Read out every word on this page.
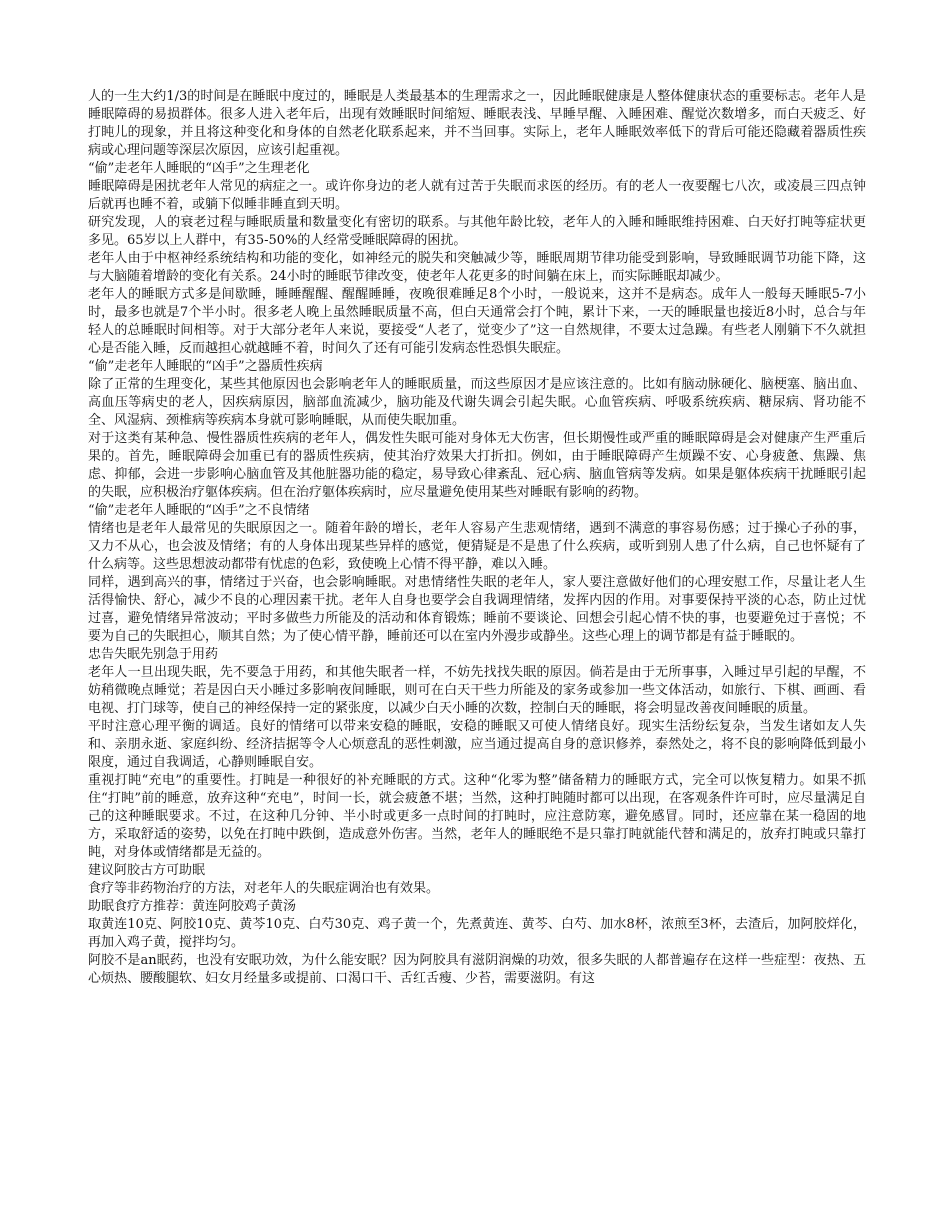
人的一生大约1/3的时间是在睡眠中度过的，睡眠是人类最基本的生理需求之一，因此睡眠健康是人整体健康状态的重要标志。老年人是睡眠障碍的易损群体。很多人进入老年后，出现有效睡眠时间缩短、睡眠表浅、早睡早醒、入睡困难、醒觉次数增多，而白天疲乏、好打盹儿的现象，并且将这种变化和身体的自然老化联系起来，并不当回事。实际上，老年人睡眠效率低下的背后可能还隐藏着器质性疾病或心理问题等深层次原因，应该引起重视。

“偷”走老年人睡眠的“凶手”之生理老化

睡眠障碍是困扰老年人常见的病症之一。或许你身边的老人就有过苦于失眠而求医的经历。有的老人一夜要醒七八次，或凌晨三四点钟后就再也睡不着，或躺下似睡非睡直到天明。

研究发现，人的衰老过程与睡眠质量和数量变化有密切的联系。与其他年龄比较，老年人的入睡和睡眠维持困难、白天好打盹等症状更多见。65岁以上人群中，有35-50%的人经常受睡眠障碍的困扰。

老年人由于中枢神经系统结构和功能的变化，如神经元的脱失和突触减少等，睡眠周期节律功能受到影响，导致睡眠调节功能下降，这与大脑随着增龄的变化有关系。24小时的睡眠节律改变，使老年人花更多的时间躺在床上，而实际睡眠却减少。

老年人的睡眠方式多是间歇睡，睡睡醒醒、醒醒睡睡，夜晚很难睡足8个小时，一般说来，这并不是病态。成年人一般每天睡眠5-7小时，最多也就是7个半小时。很多老人晚上虽然睡眠质量不高，但白天通常会打个盹，累计下来，一天的睡眠量也接近8小时，总合与年轻人的总睡眠时间相等。对于大部分老年人来说，要接受“人老了，觉变少了”这一自然规律，不要太过急躁。有些老人刚躺下不久就担心是否能入睡，反而越担心就越睡不着，时间久了还有可能引发病态性恐惧失眠症。

“偷”走老年人睡眠的“凶手”之器质性疾病

除了正常的生理变化，某些其他原因也会影响老年人的睡眠质量，而这些原因才是应该注意的。比如有脑动脉硬化、脑梗塞、脑出血、高血压等病史的老人，因疾病原因，脑部血流减少，脑功能及代谢失调会引起失眠。心血管疾病、呼吸系统疾病、糖尿病、肾功能不全、风湿病、颈椎病等疾病本身就可影响睡眠，从而使失眠加重。

对于这类有某种急、慢性器质性疾病的老年人，偶发性失眠可能对身体无大伤害，但长期慢性或严重的睡眠障碍是会对健康产生严重后果的。首先，睡眠障碍会加重已有的器质性疾病，使其治疗效果大打折扣。例如，由于睡眠障碍产生烦躁不安、心身疲惫、焦躁、焦虑、抑郁，会进一步影响心脑血管及其他脏器功能的稳定，易导致心律紊乱、冠心病、脑血管病等发病。如果是躯体疾病干扰睡眠引起的失眠，应积极治疗躯体疾病。但在治疗躯体疾病时，应尽量避免使用某些对睡眠有影响的药物。

“偷”走老年人睡眠的“凶手”之不良情绪

情绪也是老年人最常见的失眠原因之一。随着年龄的增长，老年人容易产生悲观情绪，遇到不满意的事容易伤感；过于操心子孙的事，又力不从心，也会波及情绪；有的人身体出现某些异样的感觉，便猜疑是不是患了什么疾病，或听到别人患了什么病，自己也怀疑有了什么病等。这些思想波动都带有忧虑的色彩，致使晚上心情不得平静，难以入睡。

同样，遇到高兴的事，情绪过于兴奋，也会影响睡眠。对患情绪性失眠的老年人，家人要注意做好他们的心理安慰工作，尽量让老人生活得愉快、舒心，减少不良的心理因素干扰。老年人自身也要学会自我调理情绪，发挥内因的作用。对事要保持平淡的心态，防止过忧过喜，避免情绪异常波动；平时多做些力所能及的活动和体育锻炼；睡前不要谈论、回想会引起心情不快的事，也要避免过于喜悦；不要为自己的失眠担心，顺其自然；为了使心情平静，睡前还可以在室内外漫步或静坐。这些心理上的调节都是有益于睡眠的。

忠告失眠先别急于用药

老年人一旦出现失眠，先不要急于用药，和其他失眠者一样，不妨先找找失眠的原因。倘若是由于无所事事，入睡过早引起的早醒，不妨稍微晚点睡觉；若是因白天小睡过多影响夜间睡眠，则可在白天干些力所能及的家务或参加一些文体活动，如旅行、下棋、画画、看电视、打门球等，使自己的神经保持一定的紧张度，以减少白天小睡的次数，控制白天的睡眠，将会明显改善夜间睡眠的质量。

平时注意心理平衡的调适。良好的情绪可以带来安稳的睡眠，安稳的睡眠又可使人情绪良好。现实生活纷纭复杂，当发生诸如友人失和、亲朋永逝、家庭纠纷、经济拮据等令人心烦意乱的恶性刺激，应当通过提高自身的意识修养，泰然处之，将不良的影响降低到最小限度，通过自我调适，心静则睡眠自安。

重视打盹“充电”的重要性。打盹是一种很好的补充睡眠的方式。这种“化零为整”储备精力的睡眠方式，完全可以恢复精力。如果不抓住“打盹”前的睡意，放弃这种“充电”，时间一长，就会疲惫不堪；当然，这种打盹随时都可以出现，在客观条件许可时，应尽量满足自己的这种睡眠要求。不过，在这种几分钟、半小时或更多一点时间的打盹时，应注意防寒，避免感冒。同时，还应靠在某一稳固的地方，采取舒适的姿势，以免在打盹中跌倒，造成意外伤害。当然，老年人的睡眠绝不是只靠打盹就能代替和满足的，放弃打盹或只靠打盹，对身体或情绪都是无益的。

建议阿胶古方可助眠

食疗等非药物治疗的方法，对老年人的失眠症调治也有效果。

助眠食疗方推荐：黄连阿胶鸡子黄汤

取黄连10克、阿胶10克、黄芩10克、白芍30克、鸡子黄一个，先煮黄连、黄芩、白芍、加水8杯，浓煎至3杯，去渣后，加阿胶烊化，再加入鸡子黄，搅拌均匀。

阿胶不是an眠药，也没有安眠功效，为什么能安眠？因为阿胶具有滋阴润燥的功效，很多失眠的人都普遍存在这样一些症型：夜热、五心烦热、腰酸腿软、妇女月经量多或提前、口渴口干、舌红舌瘦、少苔，需要滋阴。有这
